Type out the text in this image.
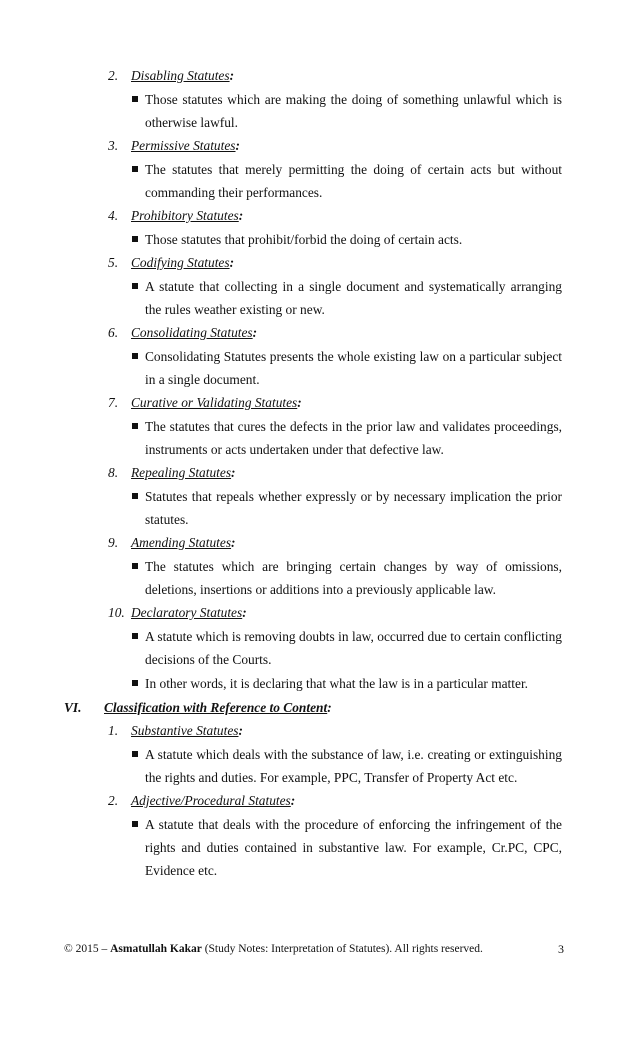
2. Disabling Statutes:
Those statutes which are making the doing of something unlawful which is otherwise lawful.
3. Permissive Statutes:
The statutes that merely permitting the doing of certain acts but without commanding their performances.
4. Prohibitory Statutes:
Those statutes that prohibit/forbid the doing of certain acts.
5. Codifying Statutes:
A statute that collecting in a single document and systematically arranging the rules weather existing or new.
6. Consolidating Statutes:
Consolidating Statutes presents the whole existing law on a particular subject in a single document.
7. Curative or Validating Statutes:
The statutes that cures the defects in the prior law and validates proceedings, instruments or acts undertaken under that defective law.
8. Repealing Statutes:
Statutes that repeals whether expressly or by necessary implication the prior statutes.
9. Amending Statutes:
The statutes which are bringing certain changes by way of omissions, deletions, insertions or additions into a previously applicable law.
10. Declaratory Statutes:
A statute which is removing doubts in law, occurred due to certain conflicting decisions of the Courts.
In other words, it is declaring that what the law is in a particular matter.
VI. Classification with Reference to Content:
1. Substantive Statutes:
A statute which deals with the substance of law, i.e. creating or extinguishing the rights and duties. For example, PPC, Transfer of Property Act etc.
2. Adjective/Procedural Statutes:
A statute that deals with the procedure of enforcing the infringement of the rights and duties contained in substantive law. For example, Cr.PC, CPC, Evidence etc.
© 2015 – Asmatullah Kakar (Study Notes: Interpretation of Statutes). All rights reserved.	3
